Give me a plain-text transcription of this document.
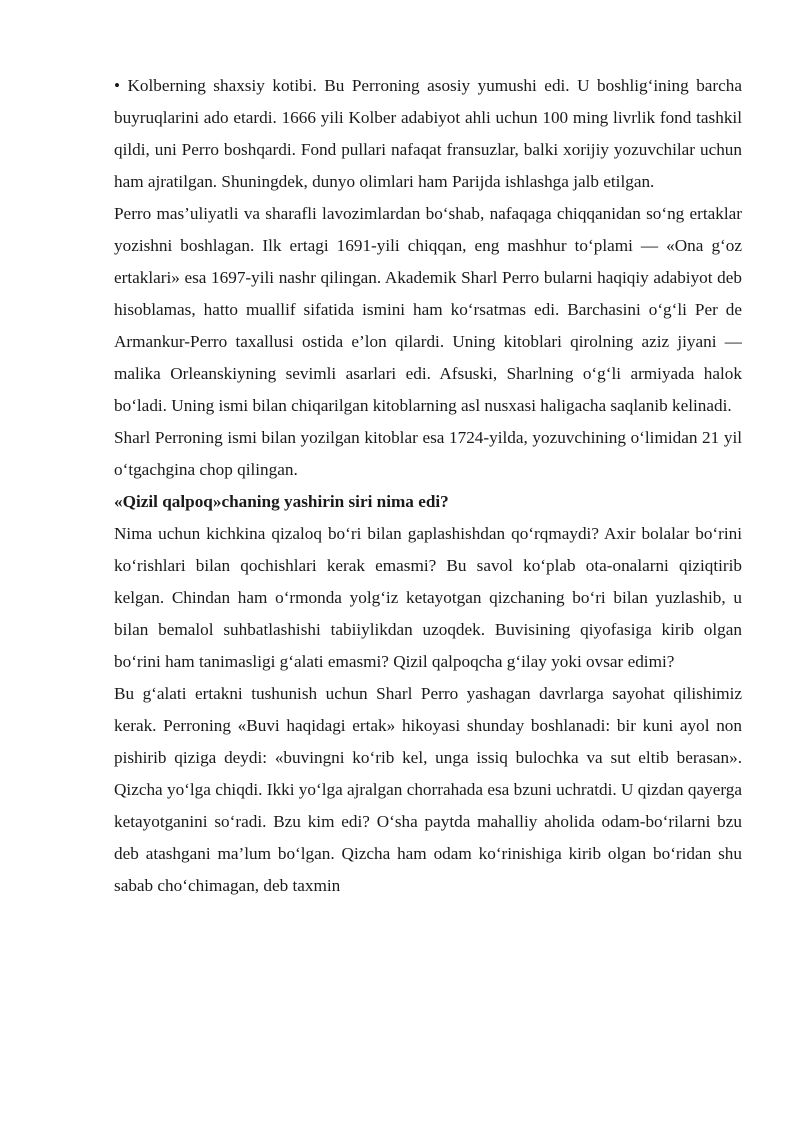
• Kolberning shaxsiy kotibi. Bu Perroning asosiy yumushi edi. U boshlig‘ining barcha buyruqlarini ado etardi. 1666 yili Kolber adabiyot ahli uchun 100 ming livrlik fond tashkil qildi, uni Perro boshqardi. Fond pullari nafaqat fransuzlar, balki xorijiy yozuvchilar uchun ham ajratilgan. Shuningdek, dunyo olimlari ham Parijda ishlashga jalb etilgan.

Perro mas’uliyatli va sharafli lavozimlardan bo‘shab, nafaqaga chiqqanidan so‘ng ertaklar yozishni boshlagan. Ilk ertagi 1691-yili chiqqan, eng mashhur to‘plami — «Ona g‘oz ertaklari» esa 1697-yili nashr qilingan. Akademik Sharl Perro bularni haqiqiy adabiyot deb hisoblamas, hatto muallif sifatida ismini ham ko‘rsatmas edi. Barchasini o‘g‘li Per de Armankur-Perro taxallusi ostida e’lon qilardi. Uning kitoblari qirolning aziz jiyani — malika Orleanskiyning sevimli asarlari edi. Afsuski, Sharlning o‘g‘li armiyada halok bo‘ladi. Uning ismi bilan chiqarilgan kitoblarning asl nusxasi haligacha saqlanib kelinadi.

Sharl Perroning ismi bilan yozilgan kitoblar esa 1724-yilda, yozuvchining o‘limidan 21 yil o‘tgachgina chop qilingan.

«Qizil qalpoq»chaning yashirin siri nima edi?

Nima uchun kichkina qizaloq bo‘ri bilan gaplashishdan qo‘rqmaydi? Axir bolalar bo‘rini ko‘rishlari bilan qochishlari kerak emasmi? Bu savol ko‘plab ota-onalarni qiziqtirib kelgan. Chindan ham o‘rmonda yolg‘iz ketayotgan qizchaning bo‘ri bilan yuzlashib, u bilan bemalol suhbatlashishi tabiiylikdan uzoqdek. Buvisining qiyofasiga kirib olgan bo‘rini ham tanimasligi g‘alati emasmi? Qizil qalpoqcha g‘ilay yoki ovsar edimi?

Bu g‘alati ertakni tushunish uchun Sharl Perro yashagan davrlarga sayohat qilishimiz kerak. Perroning «Buvi haqidagi ertak» hikoyasi shunday boshlanadi: bir kuni ayol non pishirib qiziga deydi: «buvingni ko‘rib kel, unga issiq bulochka va sut eltib berasan». Qizcha yo‘lga chiqdi. Ikki yo‘lga ajralgan chorrahada esa bzuni uchratdi. U qizdan qayerga ketayotganini so‘radi. Bzu kim edi? O‘sha paytda mahalliy aholida odam-bo‘rilarni bzu deb atashgani ma’lum bo‘lgan. Qizcha ham odam ko‘rinishiga kirib olgan bo‘ridan shu sabab cho‘chimagan, deb taxmin
